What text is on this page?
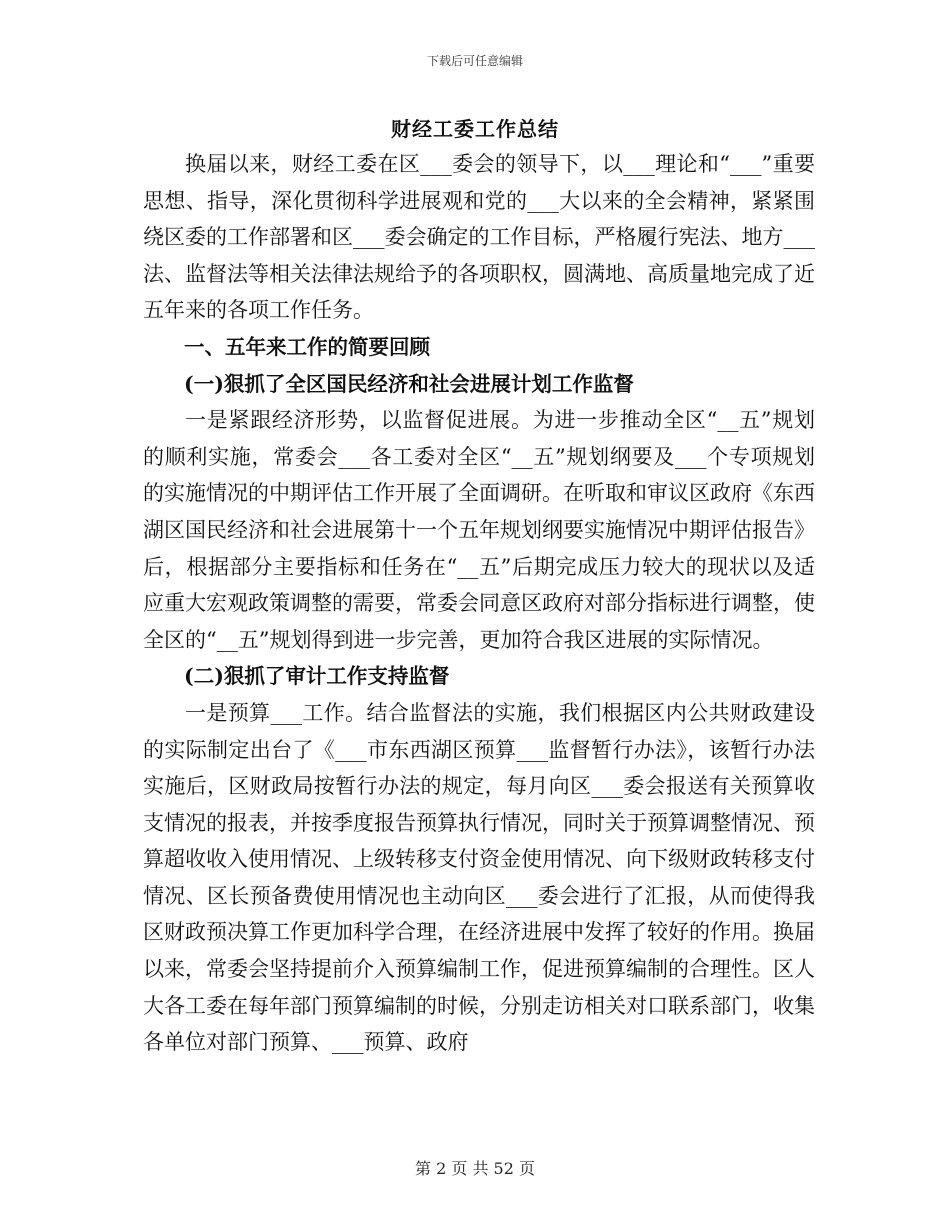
下载后可任意编辑
财经工委工作总结

换届以来，财经工委在区___委会的领导下，以___理论和“___”重要思想、指导，深化贯彻科学进展观和党的___大以来的全会精神，紧紧围绕区委的工作部署和区___委会确定的工作目标，严格履行宪法、地方___法、监督法等相关法律法规给予的各项职权，圆满地、高质量地完成了近五年来的各项工作任务。

一、五年来工作的简要回顾

(一)狠抓了全区国民经济和社会进展计划工作监督

一是紧跟经济形势，以监督促进展。为进一步推动全区“__五”规划的顺利实施，常委会___各工委对全区“__五”规划纲要及___个专项规划的实施情况的中期评估工作开展了全面调研。在听取和审议区政府《东西湖区国民经济和社会进展第十一个五年规划纲要实施情况中期评估报告》后，根据部分主要指标和任务在“__五”后期完成压力较大的现状以及适应重大宏观政策调整的需要，常委会同意区政府对部分指标进行调整，使全区的“__五”规划得到进一步完善，更加符合我区进展的实际情况。

(二)狠抓了审计工作支持监督

一是预算___工作。结合监督法的实施，我们根据区内公共财政建设的实际制定出台了《___市东西湖区预算___监督暂行办法》，该暂行办法实施后，区财政局按暂行办法的规定，每月向区___委会报送有关预算收支情况的报表，并按季度报告预算执行情况，同时关于预算调整情况、预算超收收入使用情况、上级转移支付资金使用情况、向下级财政转移支付情况、区长预备费使用情况也主动向区___委会进行了汇报，从而使得我区财政预决算工作更加科学合理，在经济进展中发挥了较好的作用。换届以来，常委会坚持提前介入预算编制工作，促进预算编制的合理性。区人大各工委在每年部门预算编制的时候，分别走访相关对口联系部门，收集各单位对部门预算、___预算、政府

第 2 页 共 52 页
